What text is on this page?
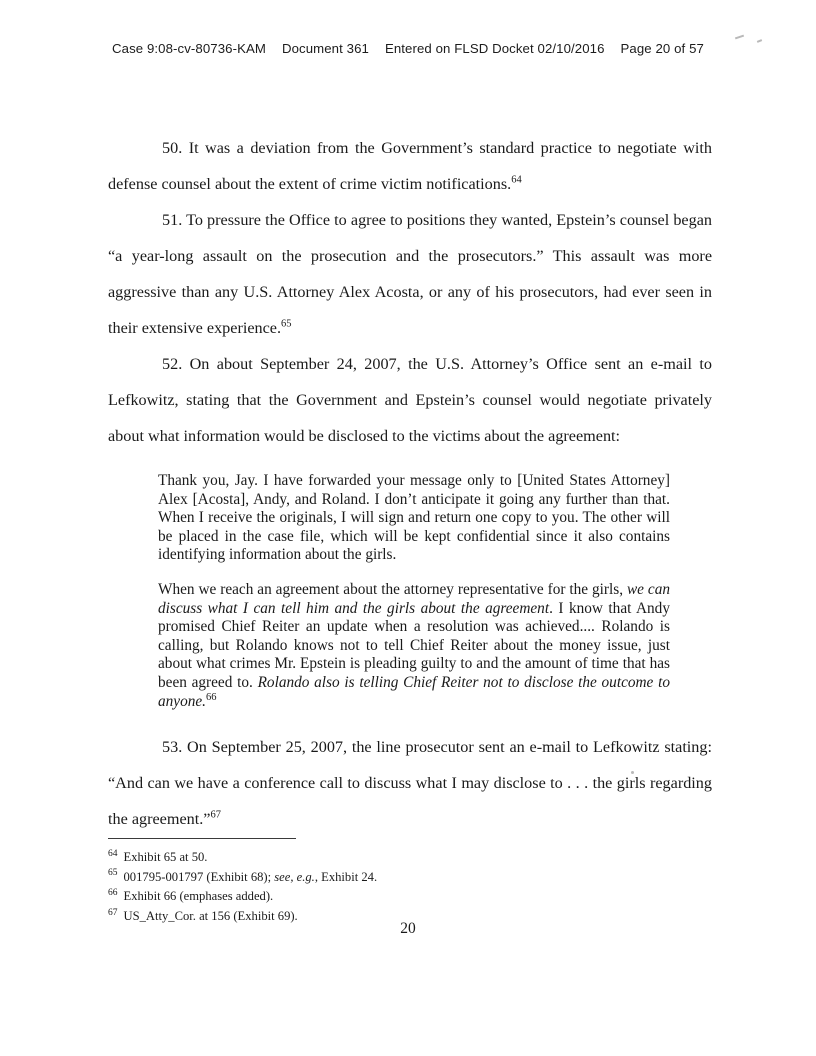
Case 9:08-cv-80736-KAM Document 361 Entered on FLSD Docket 02/10/2016 Page 20 of 57

50. It was a deviation from the Government’s standard practice to negotiate with defense counsel about the extent of crime victim notifications.$^{64}$

51. To pressure the Office to agree to positions they wanted, Epstein’s counsel began “a year-long assault on the prosecution and the prosecutors.” This assault was more aggressive than any U.S. Attorney Alex Acosta, or any of his prosecutors, had ever seen in their extensive experience.$^{65}$

52. On about September 24, 2007, the U.S. Attorney’s Office sent an e-mail to Lefkowitz, stating that the Government and Epstein’s counsel would negotiate privately about what information would be disclosed to the victims about the agreement:

Thank you, Jay. I have forwarded your message only to [United States Attorney] Alex [Acosta], Andy, and Roland. I don’t anticipate it going any further than that. When I receive the originals, I will sign and return one copy to you. The other will be placed in the case file, which will be kept confidential since it also contains identifying information about the girls.

When we reach an agreement about the attorney representative for the girls, we can discuss what I can tell him and the girls about the agreement. I know that Andy promised Chief Reiter an update when a resolution was achieved.... Rolando is calling, but Rolando knows not to tell Chief Reiter about the money issue, just about what crimes Mr. Epstein is pleading guilty to and the amount of time that has been agreed to. Rolando also is telling Chief Reiter not to disclose the outcome to anyone.$^{66}$

53. On September 25, 2007, the line prosecutor sent an e-mail to Lefkowitz stating: “And can we have a conference call to discuss what I may disclose to . . . the girls regarding the agreement.”$^{67}$

$^{64}$ Exhibit 65 at 50.
$^{65}$ 001795-001797 (Exhibit 68); see, e.g., Exhibit 24.
$^{66}$ Exhibit 66 (emphases added).
$^{67}$ US_Atty_Cor. at 156 (Exhibit 69).
20
